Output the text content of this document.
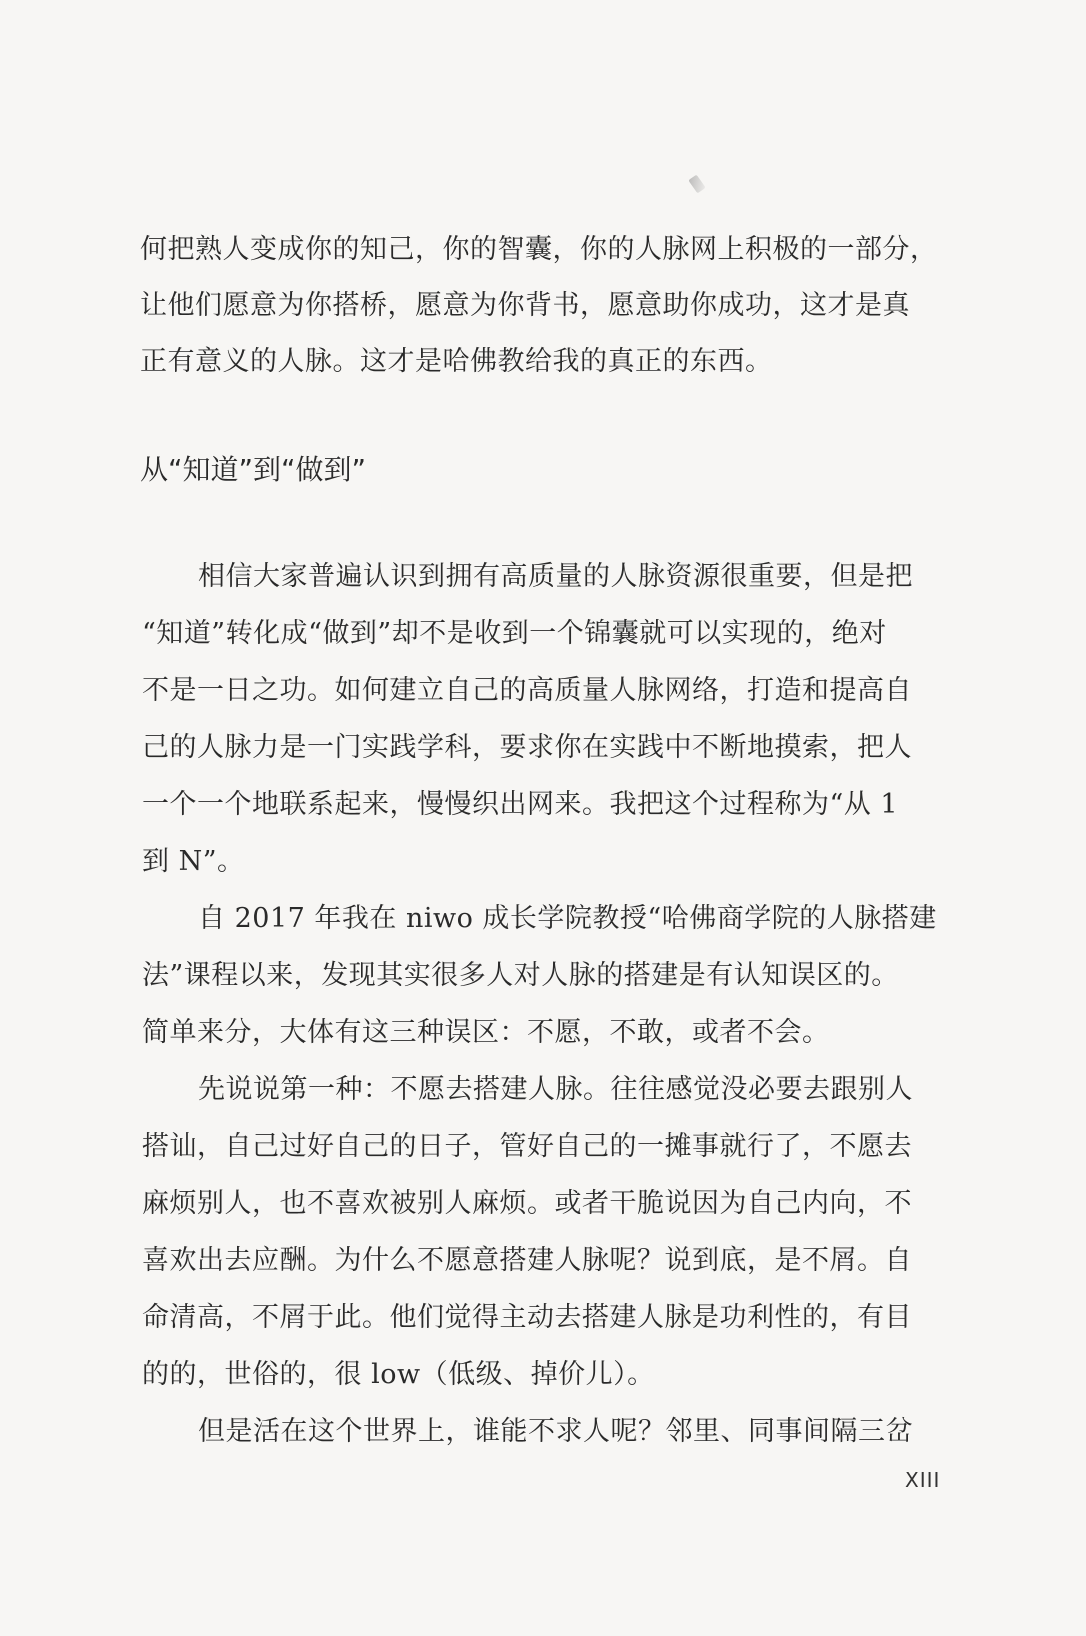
何把熟人变成你的知己，你的智囊，你的人脉网上积极的一部分，
让他们愿意为你搭桥，愿意为你背书，愿意助你成功，这才是真
正有意义的人脉。这才是哈佛教给我的真正的东西。
从“知道”到“做到”
相信大家普遍认识到拥有高质量的人脉资源很重要，但是把
“知道”转化成“做到”却不是收到一个锦囊就可以实现的，绝对
不是一日之功。如何建立自己的高质量人脉网络，打造和提高自
己的人脉力是一门实践学科，要求你在实践中不断地摸索，把人
一个一个地联系起来，慢慢织出网来。我把这个过程称为“从 1
到 N”。
自 2017 年我在 niwo 成长学院教授“哈佛商学院的人脉搭建
法”课程以来，发现其实很多人对人脉的搭建是有认知误区的。
简单来分，大体有这三种误区：不愿，不敢，或者不会。
先说说第一种：不愿去搭建人脉。往往感觉没必要去跟别人
搭讪，自己过好自己的日子，管好自己的一摊事就行了，不愿去
麻烦别人，也不喜欢被别人麻烦。或者干脆说因为自己内向，不
喜欢出去应酬。为什么不愿意搭建人脉呢？说到底，是不屑。自
命清高，不屑于此。他们觉得主动去搭建人脉是功利性的，有目
的的，世俗的，很 low（低级、掉价儿）。
但是活在这个世界上，谁能不求人呢？邻里、同事间隔三岔
XIII
